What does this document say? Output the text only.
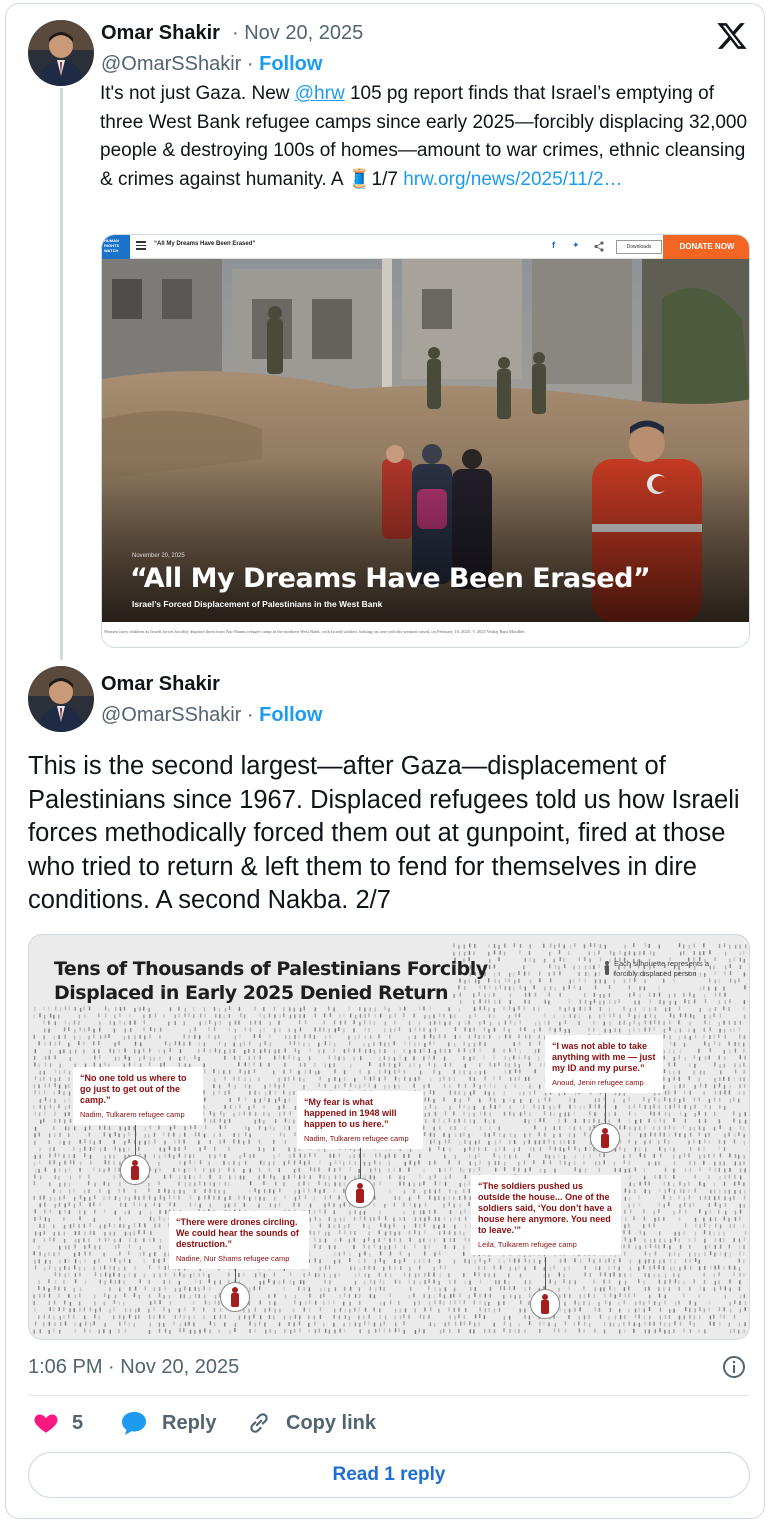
Omar Shakir · Nov 20, 2025
@OmarSShakir · Follow
It's not just Gaza. New @hrw 105 pg report finds that Israel’s emptying of three West Bank refugee camps since early 2025—forcibly displacing 32,000 people & destroying 100s of homes—amount to war crimes, ethnic cleansing & crimes against humanity. A 🧵1/7 hrw.org/news/2025/11/2…
HUMAN RIGHTS WATCH
“All My Dreams Have Been Erased”	f ✦	Downloads	DONATE NOW
November 20, 2025
“All My Dreams Have Been Erased”
Israel’s Forced Displacement of Palestinians in the West Bank
Women carry children as Israeli forces forcibly displace them from Nur Shams refugee camp in the northern West Bank, with Israeli soldiers looking on, one with his weapon raised, on February 10, 2025. © 2025 Wahaj Bani Moufleh
Omar Shakir
@OmarSShakir · Follow
This is the second largest—after Gaza—displacement of Palestinians since 1967. Displaced refugees told us how Israeli forces methodically forced them out at gunpoint, fired at those who tried to return & left them to fend for themselves in dire conditions. A second Nakba. 2/7
Tens of Thousands of Palestinians Forcibly
Displaced in Early 2025 Denied Return
Each silhouette represents a forcibly displaced person
“No one told us where to go just to get out of the camp.”
Nadim, Tulkarem refugee camp
“There were drones circling. We could hear the sounds of destruction.”
Nadine, Nur Shams refugee camp
“My fear is what happened in 1948 will happen to us here.”
Nadim, Tulkarem refugee camp
“I was not able to take anything with me — just my ID and my purse.”
Anoud, Jenin refugee camp
“The soldiers pushed us outside the house... One of the soldiers said, ‘You don’t have a house here anymore. You need to leave.’”
Leila, Tulkarem refugee camp
1:06 PM · Nov 20, 2025
5	Reply	Copy link
Read 1 reply
